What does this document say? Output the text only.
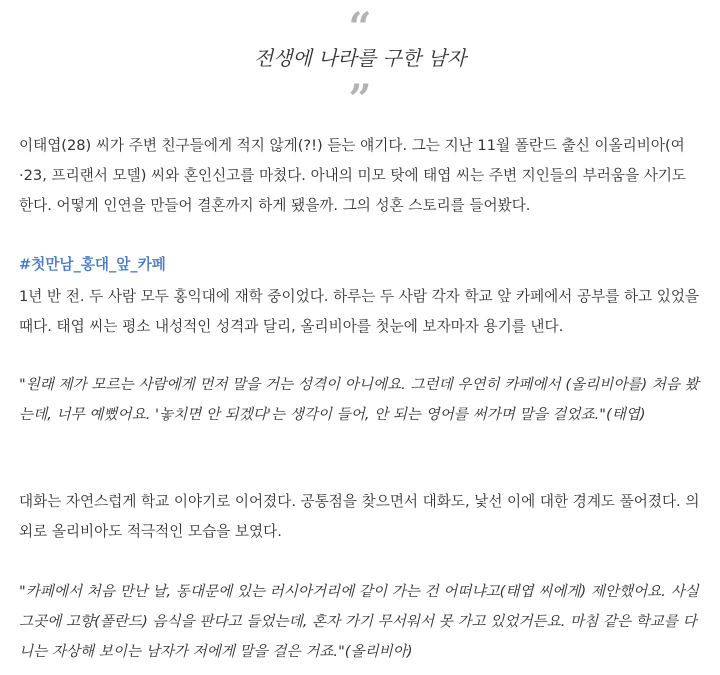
“
전생에 나라를 구한 남자
”

이태엽(28) 씨가 주변 친구들에게 적지 않게(?!) 듣는 얘기다. 그는 지난 11월 폴란드 출신 이올리비아(여·23, 프리랜서 모델) 씨와 혼인신고를 마쳤다. 아내의 미모 탓에 태엽 씨는 주변 지인들의 부러움을 사기도 한다. 어떻게 인연을 만들어 결혼까지 하게 됐을까. 그의 성혼 스토리를 들어봤다.

#첫만남_홍대_앞_카페

1년 반 전. 두 사람 모두 홍익대에 재학 중이었다. 하루는 두 사람 각자 학교 앞 카페에서 공부를 하고 있었을 때다. 태엽 씨는 평소 내성적인 성격과 달리, 올리비아를 첫눈에 보자마자 용기를 낸다.

"원래 제가 모르는 사람에게 먼저 말을 거는 성격이 아니에요. 그런데 우연히 카페에서 (올리비아를) 처음 봤는데, 너무 예뻤어요. '놓치면 안 되겠다'는 생각이 들어, 안 되는 영어를 써가며 말을 걸었죠."(태엽)

대화는 자연스럽게 학교 이야기로 이어졌다. 공통점을 찾으면서 대화도, 낯선 이에 대한 경계도 풀어졌다. 의외로 올리비아도 적극적인 모습을 보였다.

"카페에서 처음 만난 날, 동대문에 있는 러시아거리에 같이 가는 건 어떠냐고(태엽 씨에게) 제안했어요. 사실 그곳에 고향(폴란드) 음식을 판다고 들었는데, 혼자 가기 무서워서 못 가고 있었거든요. 마침 같은 학교를 다니는 자상해 보이는 남자가 저에게 말을 걸은 거죠."(올리비아)
